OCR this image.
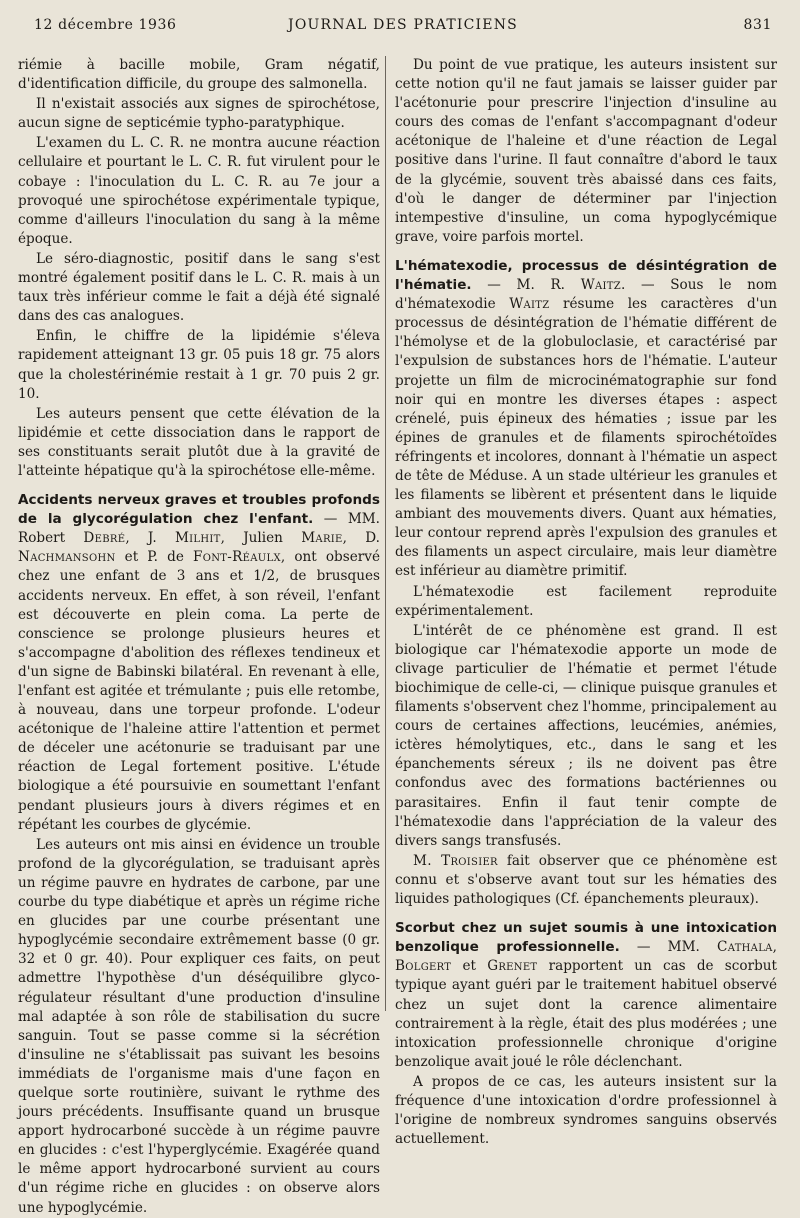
12 décembre 1936	JOURNAL DES PRATICIENS	831

riémie à bacille mobile, Gram négatif, d'identification difficile, du groupe des salmonella.

Il n'existait associés aux signes de spirochétose, aucun signe de septicémie typho-paratyphique.

L'examen du L. C. R. ne montra aucune réaction cellulaire et pourtant le L. C. R. fut virulent pour le cobaye : l'inoculation du L. C. R. au 7e jour a provoqué une spirochétose expérimentale typique, comme d'ailleurs l'inoculation du sang à la même époque.

Le séro-diagnostic, positif dans le sang s'est montré également positif dans le L. C. R. mais à un taux très inférieur comme le fait a déjà été signalé dans des cas analogues.

Enfin, le chiffre de la lipidémie s'éleva rapidement atteignant 13 gr. 05 puis 18 gr. 75 alors que la cholestérinémie restait à 1 gr. 70 puis 2 gr. 10.

Les auteurs pensent que cette élévation de la lipidémie et cette dissociation dans le rapport de ses constituants serait plutôt due à la gravité de l'atteinte hépatique qu'à la spirochétose elle-même.

Accidents nerveux graves et troubles profonds de la glycorégulation chez l'enfant. — MM. Robert Debré, J. Milhit, Julien Marie, D. Nachmansohn et P. de Font-Réaulx, ont observé chez une enfant de 3 ans et 1/2, de brusques accidents nerveux. En effet, à son réveil, l'enfant est découverte en plein coma. La perte de conscience se prolonge plusieurs heures et s'accompagne d'abolition des réflexes tendineux et d'un signe de Babinski bilatéral. En revenant à elle, l'enfant est agitée et trémulante ; puis elle retombe, à nouveau, dans une torpeur profonde. L'odeur acétonique de l'haleine attire l'attention et permet de déceler une acétonurie se traduisant par une réaction de Legal fortement positive. L'étude biologique a été poursuivie en soumettant l'enfant pendant plusieurs jours à divers régimes et en répétant les courbes de glycémie.

Les auteurs ont mis ainsi en évidence un trouble profond de la glycorégulation, se traduisant après un régime pauvre en hydrates de carbone, par une courbe du type diabétique et après un régime riche en glucides par une courbe présentant une hypoglycémie secondaire extrêmement basse (0 gr. 32 et 0 gr. 40). Pour expliquer ces faits, on peut admettre l'hypothèse d'un déséquilibre glyco-régulateur résultant d'une production d'insuline mal adaptée à son rôle de stabilisation du sucre sanguin. Tout se passe comme si la sécrétion d'insuline ne s'établissait pas suivant les besoins immédiats de l'organisme mais d'une façon en quelque sorte routinière, suivant le rythme des jours précédents. Insuffisante quand un brusque apport hydrocarboné succède à un régime pauvre en glucides : c'est l'hyperglycémie. Exagérée quand le même apport hydrocarboné survient au cours d'un régime riche en glucides : on observe alors une hypoglycémie.

Du point de vue pratique, les auteurs insistent sur cette notion qu'il ne faut jamais se laisser guider par l'acétonurie pour prescrire l'injection d'insuline au cours des comas de l'enfant s'accompagnant d'odeur acétonique de l'haleine et d'une réaction de Legal positive dans l'urine. Il faut connaître d'abord le taux de la glycémie, souvent très abaissé dans ces faits, d'où le danger de déterminer par l'injection intempestive d'insuline, un coma hypoglycémique grave, voire parfois mortel.

L'hématexodie, processus de désintégration de l'hématie. — M. R. Waitz. — Sous le nom d'hématexodie Waitz résume les caractères d'un processus de désintégration de l'hématie différent de l'hémolyse et de la globuloclasie, et caractérisé par l'expulsion de substances hors de l'hématie. L'auteur projette un film de microcinématographie sur fond noir qui en montre les diverses étapes : aspect crénelé, puis épineux des hématies ; issue par les épines de granules et de filaments spirochétoïdes réfringents et incolores, donnant à l'hématie un aspect de tête de Méduse. A un stade ultérieur les granules et les filaments se libèrent et présentent dans le liquide ambiant des mouvements divers. Quant aux hématies, leur contour reprend après l'expulsion des granules et des filaments un aspect circulaire, mais leur diamètre est inférieur au diamètre primitif.

L'hématexodie est facilement reproduite expérimentalement.

L'intérêt de ce phénomène est grand. Il est biologique car l'hématexodie apporte un mode de clivage particulier de l'hématie et permet l'étude biochimique de celle-ci, — clinique puisque granules et filaments s'observent chez l'homme, principalement au cours de certaines affections, leucémies, anémies, ictères hémolytiques, etc., dans le sang et les épanchements séreux ; ils ne doivent pas être confondus avec des formations bactériennes ou parasitaires. Enfin il faut tenir compte de l'hématexodie dans l'appréciation de la valeur des divers sangs transfusés.

M. Troisier fait observer que ce phénomène est connu et s'observe avant tout sur les hématies des liquides pathologiques (Cf. épanchements pleuraux).

Scorbut chez un sujet soumis à une intoxication benzolique professionnelle. — MM. Cathala, Bolgert et Grenet rapportent un cas de scorbut typique ayant guéri par le traitement habituel observé chez un sujet dont la carence alimentaire contrairement à la règle, était des plus modérées ; une intoxication professionnelle chronique d'origine benzolique avait joué le rôle déclenchant.

A propos de ce cas, les auteurs insistent sur la fréquence d'une intoxication d'ordre professionnel à l'origine de nombreux syndromes sanguins observés actuellement.
